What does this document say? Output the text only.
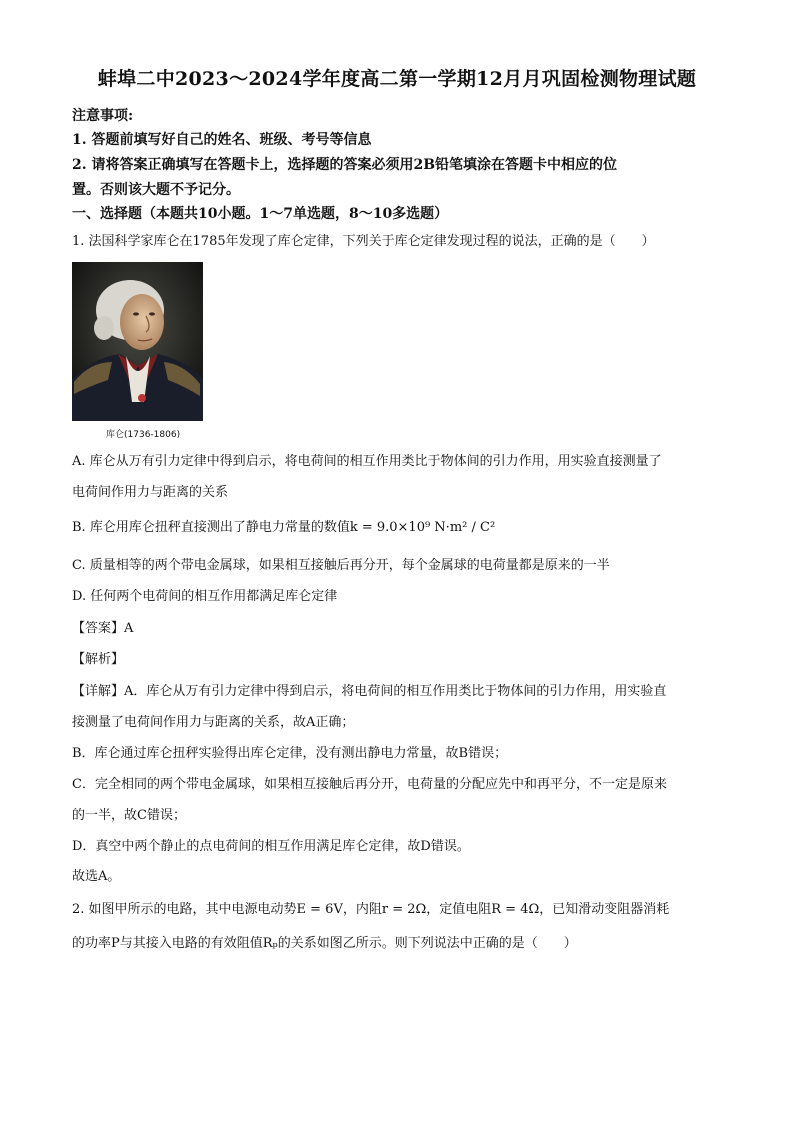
蚌埠二中2023～2024学年度高二第一学期12月月巩固检测物理试题
注意事项:
1. 答题前填写好自己的姓名、班级、考号等信息
2. 请将答案正确填写在答题卡上，选择题的答案必须用2B铅笔填涂在答题卡中相应的位
置。否则该大题不予记分。
一、选择题（本题共10小题。1～7单选题，8～10多选题）
1. 法国科学家库仑在1785年发现了库仑定律，下列关于库仑定律发现过程的说法，正确的是（　　）
库仑(1736-1806)
A. 库仑从万有引力定律中得到启示，将电荷间的相互作用类比于物体间的引力作用，用实验直接测量了
电荷间作用力与距离的关系
B. 库仑用库仑扭秤直接测出了静电力常量的数值k = 9.0×10⁹ N·m² / C²
C. 质量相等的两个带电金属球，如果相互接触后再分开，每个金属球的电荷量都是原来的一半
D. 任何两个电荷间的相互作用都满足库仑定律
【答案】A
【解析】
【详解】A．库仑从万有引力定律中得到启示，将电荷间的相互作用类比于物体间的引力作用，用实验直
接测量了电荷间作用力与距离的关系，故A正确；
B．库仑通过库仑扭秤实验得出库仑定律，没有测出静电力常量，故B错误；
C．完全相同的两个带电金属球，如果相互接触后再分开，电荷量的分配应先中和再平分，不一定是原来
的一半，故C错误；
D．真空中两个静止的点电荷间的相互作用满足库仑定律，故D错误。
故选A。
2. 如图甲所示的电路，其中电源电动势E = 6V，内阻r = 2Ω，定值电阻R = 4Ω，已知滑动变阻器消耗
的功率P与其接入电路的有效阻值Rₚ的关系如图乙所示。则下列说法中正确的是（　　）
